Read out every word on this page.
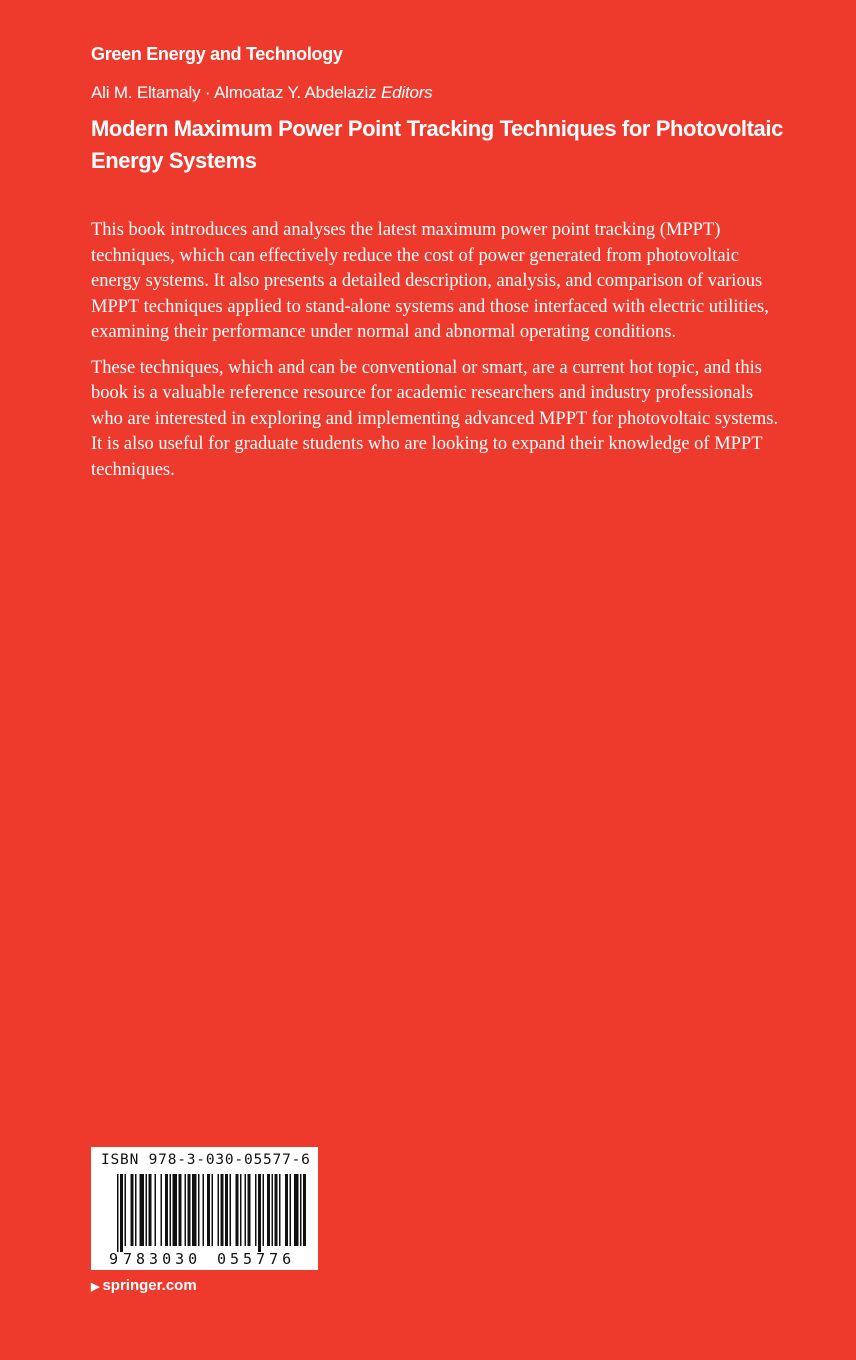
Green Energy and Technology
Ali M. Eltamaly · Almoataz Y. Abdelaziz Editors
Modern Maximum Power Point Tracking Techniques for Photovoltaic Energy Systems

This book introduces and analyses the latest maximum power point tracking (MPPT) techniques, which can effectively reduce the cost of power generated from photovoltaic energy systems. It also presents a detailed description, analysis, and comparison of various MPPT techniques applied to stand-alone systems and those interfaced with electric utilities, examining their performance under normal and abnormal operating conditions.

These techniques, which and can be conventional or smart, are a current hot topic, and this book is a valuable reference resource for academic researchers and industry professionals who are interested in exploring and implementing advanced MPPT for photovoltaic systems. It is also useful for graduate students who are looking to expand their knowledge of MPPT techniques.

ISBN 978-3-030-05577-6
9 783030 055776
▶ springer.com
